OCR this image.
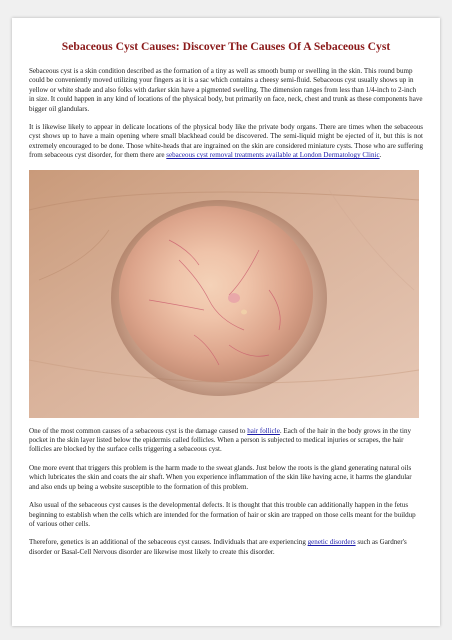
Sebaceous Cyst Causes: Discover The Causes Of A Sebaceous Cyst

Sebaceous cyst is a skin condition described as the formation of a tiny as well as smooth bump or swelling in the skin. This round bump could be conveniently moved utilizing your fingers as it is a sac which contains a cheesy semi-fluid. Sebaceous cyst usually shows up in yellow or white shade and also folks with darker skin have a pigmented swelling. The dimension ranges from less than 1/4-inch to 2-inch in size. It could happen in any kind of locations of the physical body, but primarily on face, neck, chest and trunk as these components have bigger oil glandulars.

It is likewise likely to appear in delicate locations of the physical body like the private body organs. There are times when the sebaceous cyst shows up to have a main opening where small blackhead could be discovered. The semi-liquid might be ejected of it, but this is not extremely encouraged to be done. Those white-heads that are ingrained on the skin are considered miniature cysts. Those who are suffering from sebaceous cyst disorder, for them there are sebaceous cyst removal treatments available at London Dermatology Clinic.

One of the most common causes of a sebaceous cyst is the damage caused to hair follicle. Each of the hair in the body grows in the tiny pocket in the skin layer listed below the epidermis called follicles. When a person is subjected to medical injuries or scrapes, the hair follicles are blocked by the surface cells triggering a sebaceous cyst.

One more event that triggers this problem is the harm made to the sweat glands. Just below the roots is the gland generating natural oils which lubricates the skin and coats the air shaft. When you experience inflammation of the skin like having acne, it harms the glandular and also ends up being a website susceptible to the formation of this problem.

Also usual of the sebaceous cyst causes is the developmental defects. It is thought that this trouble can additionally happen in the fetus beginning to establish when the cells which are intended for the formation of hair or skin are trapped on those cells meant for the buildup of various other cells.

Therefore, genetics is an additional of the sebaceous cyst causes. Individuals that are experiencing genetic disorders such as Gardner's disorder or Basal-Cell Nervous disorder are likewise most likely to create this disorder.
